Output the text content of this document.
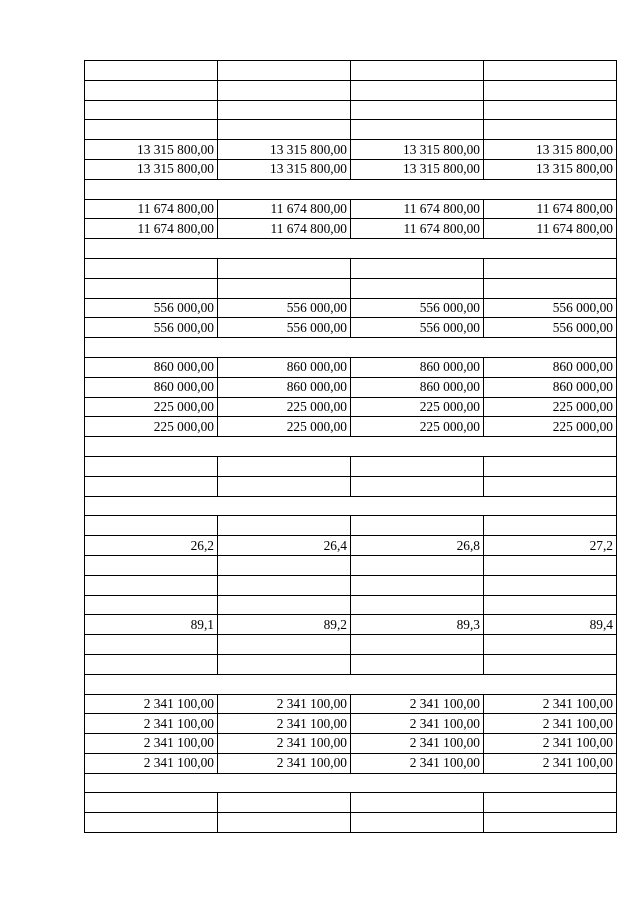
13 315 800,00	13 315 800,00	13 315 800,00	13 315 800,00
13 315 800,00	13 315 800,00	13 315 800,00	13 315 800,00

11 674 800,00	11 674 800,00	11 674 800,00	11 674 800,00
11 674 800,00	11 674 800,00	11 674 800,00	11 674 800,00

556 000,00	556 000,00	556 000,00	556 000,00
556 000,00	556 000,00	556 000,00	556 000,00

860 000,00	860 000,00	860 000,00	860 000,00
860 000,00	860 000,00	860 000,00	860 000,00
225 000,00	225 000,00	225 000,00	225 000,00
225 000,00	225 000,00	225 000,00	225 000,00

26,2	26,4	26,8	27,2

89,1	89,2	89,3	89,4

2 341 100,00	2 341 100,00	2 341 100,00	2 341 100,00
2 341 100,00	2 341 100,00	2 341 100,00	2 341 100,00
2 341 100,00	2 341 100,00	2 341 100,00	2 341 100,00
2 341 100,00	2 341 100,00	2 341 100,00	2 341 100,00
